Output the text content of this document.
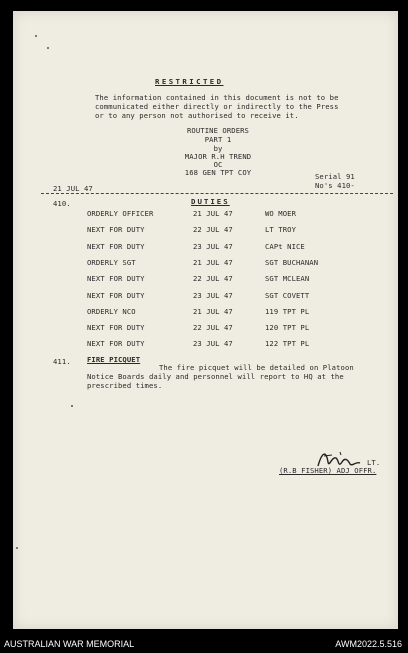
RESTRICTED
The information contained in this document is not to be
communicated either directly or indirectly to the Press
or to any person not authorised to receive it.
ROUTINE ORDERS
PART 1
by
MAJOR R.H TREND
OC
168 GEN TPT COY
21 JUL 47
Serial 91
No's 410-
410.	DUTIES
ORDERLY OFFICER	21 JUL 47	WO MOER
NEXT FOR DUTY	22 JUL 47	LT TROY
NEXT FOR DUTY	23 JUL 47	CAPt NICE
ORDERLY SGT	21 JUL 47	SGT BUCHANAN
NEXT FOR DUTY	22 JUL 47	SGT MCLEAN
NEXT FOR DUTY	23 JUL 47	SGT COVETT
ORDERLY NCO	21 JUL 47	119 TPT PL
NEXT FOR DUTY	22 JUL 47	120 TPT PL
NEXT FOR DUTY	23 JUL 47	122 TPT PL
411. FIRE PICQUET
The fire picquet will be detailed on Platoon
Notice Boards daily and personnel will report to HQ at the
prescribed times.
LT.
(R.B FISHER) ADJ OFFR.
AUSTRALIAN WAR MEMORIAL	AWM2022.5.516
